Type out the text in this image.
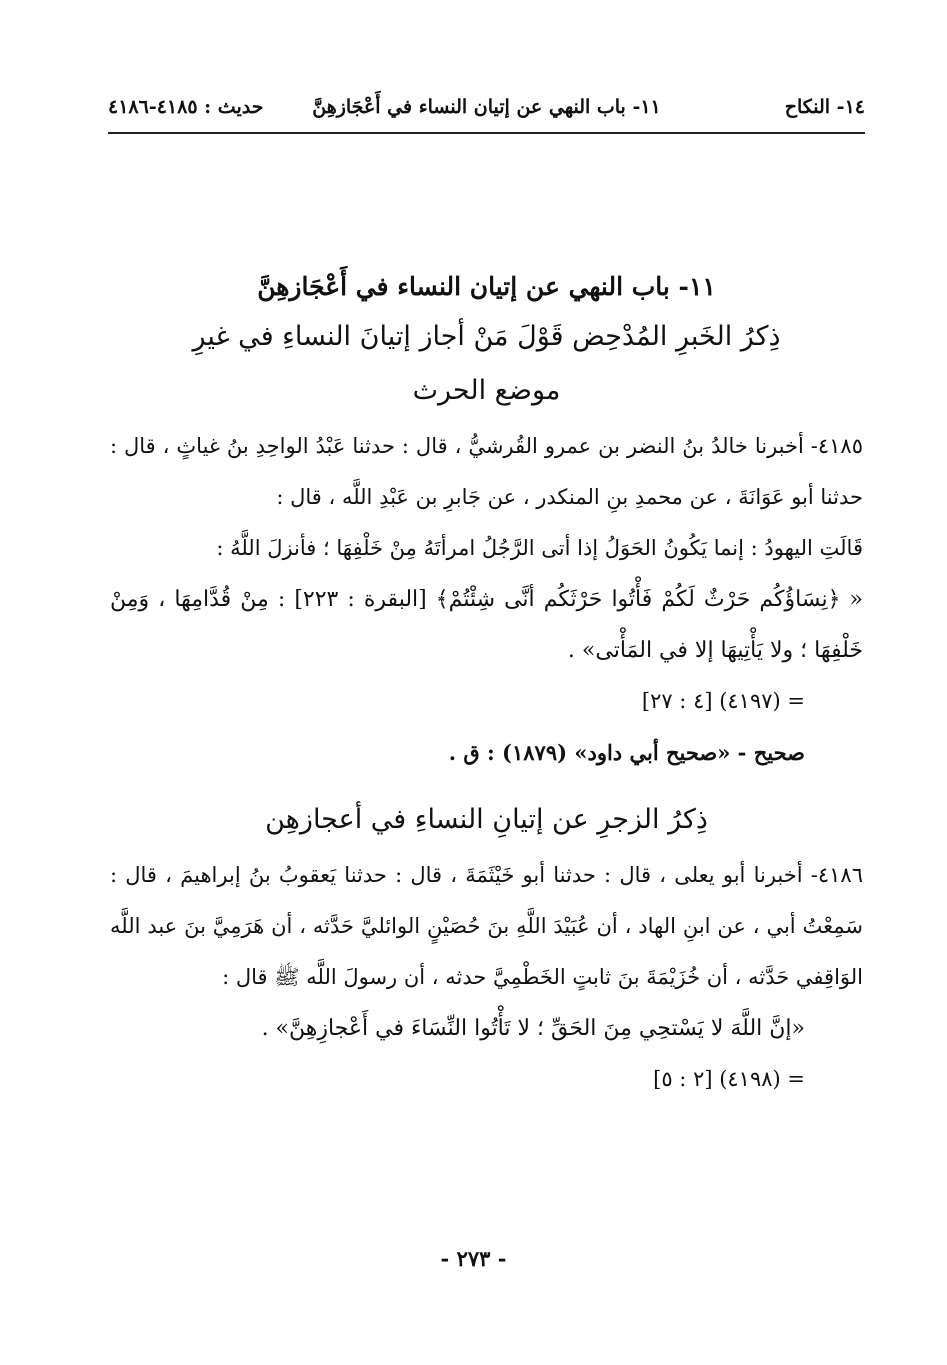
١٤- النكاح
١١- باب النهي عن إتيان النساء في أَعْجَازهِنَّ
حديث : ٤١٨٥-٤١٨٦

١١- باب النهي عن إتيان النساء في أَعْجَازهِنَّ

ذِكرُ الخَبرِ المُدْحِض قَوْلَ مَنْ أجاز إتيانَ النساءِ في غيرِ

موضع الحرث

٤١٨٥- أخبرنا خالدُ بنُ النضر بن عمرو القُرشيُّ ، قال : حدثنا عَبْدُ الواحِدِ بنُ غياثٍ ، قال : حدثنا أبو عَوَانَةَ ، عن محمدِ بنِ المنكدر ، عن جَابرِ بن عَبْدِ اللَّه ، قال :

قَالَتِ اليهودُ : إنما يَكُونُ الحَوَلُ إذا أتى الرَّجُلُ امرأتَهُ مِنْ خَلْفِهَا ؛ فأنزلَ اللَّهُ :

« ﴿نِسَاؤُكُم حَرْثٌ لَكُمْ فَأْتُوا حَرْثَكُم أنَّى شِئْتُمْ﴾ [البقرة : ٢٢٣] : مِنْ قُدَّامِهَا ، وَمِنْ خَلْفِهَا ؛ ولا يَأْتِيهَا إلا في المَأْتى» .

= (٤١٩٧) [٤ : ٢٧]

صحيح - «صحيح أبي داود» (١٨٧٩) : ق .

ذِكرُ الزجرِ عن إتيانِ النساءِ في أعجازهِن

٤١٨٦- أخبرنا أبو يعلى ، قال : حدثنا أبو خَيْثَمَةَ ، قال : حدثنا يَعقوبُ بنُ إبراهيمَ ، قال : سَمِعْتُ أبي ، عن ابنِ الهاد ، أن عُبَيْدَ اللَّهِ بنَ حُصَيْنٍ الوائليَّ حَدَّثه ، أن هَرَمِيَّ بنَ عبد اللَّه الوَاقِفي حَدَّثه ، أن خُزَيْمَةَ بنَ ثابتٍ الخَطْمِيَّ حدثه ، أن رسولَ اللَّه ﷺ قال :

«إنَّ اللَّهَ لا يَسْتحِي مِنَ الحَقِّ ؛ لا تَأْتُوا النِّسَاءَ في أَعْجازِهِنَّ» .

= (٤١٩٨) [٢ : ٥]

- ٢٧٣ -
